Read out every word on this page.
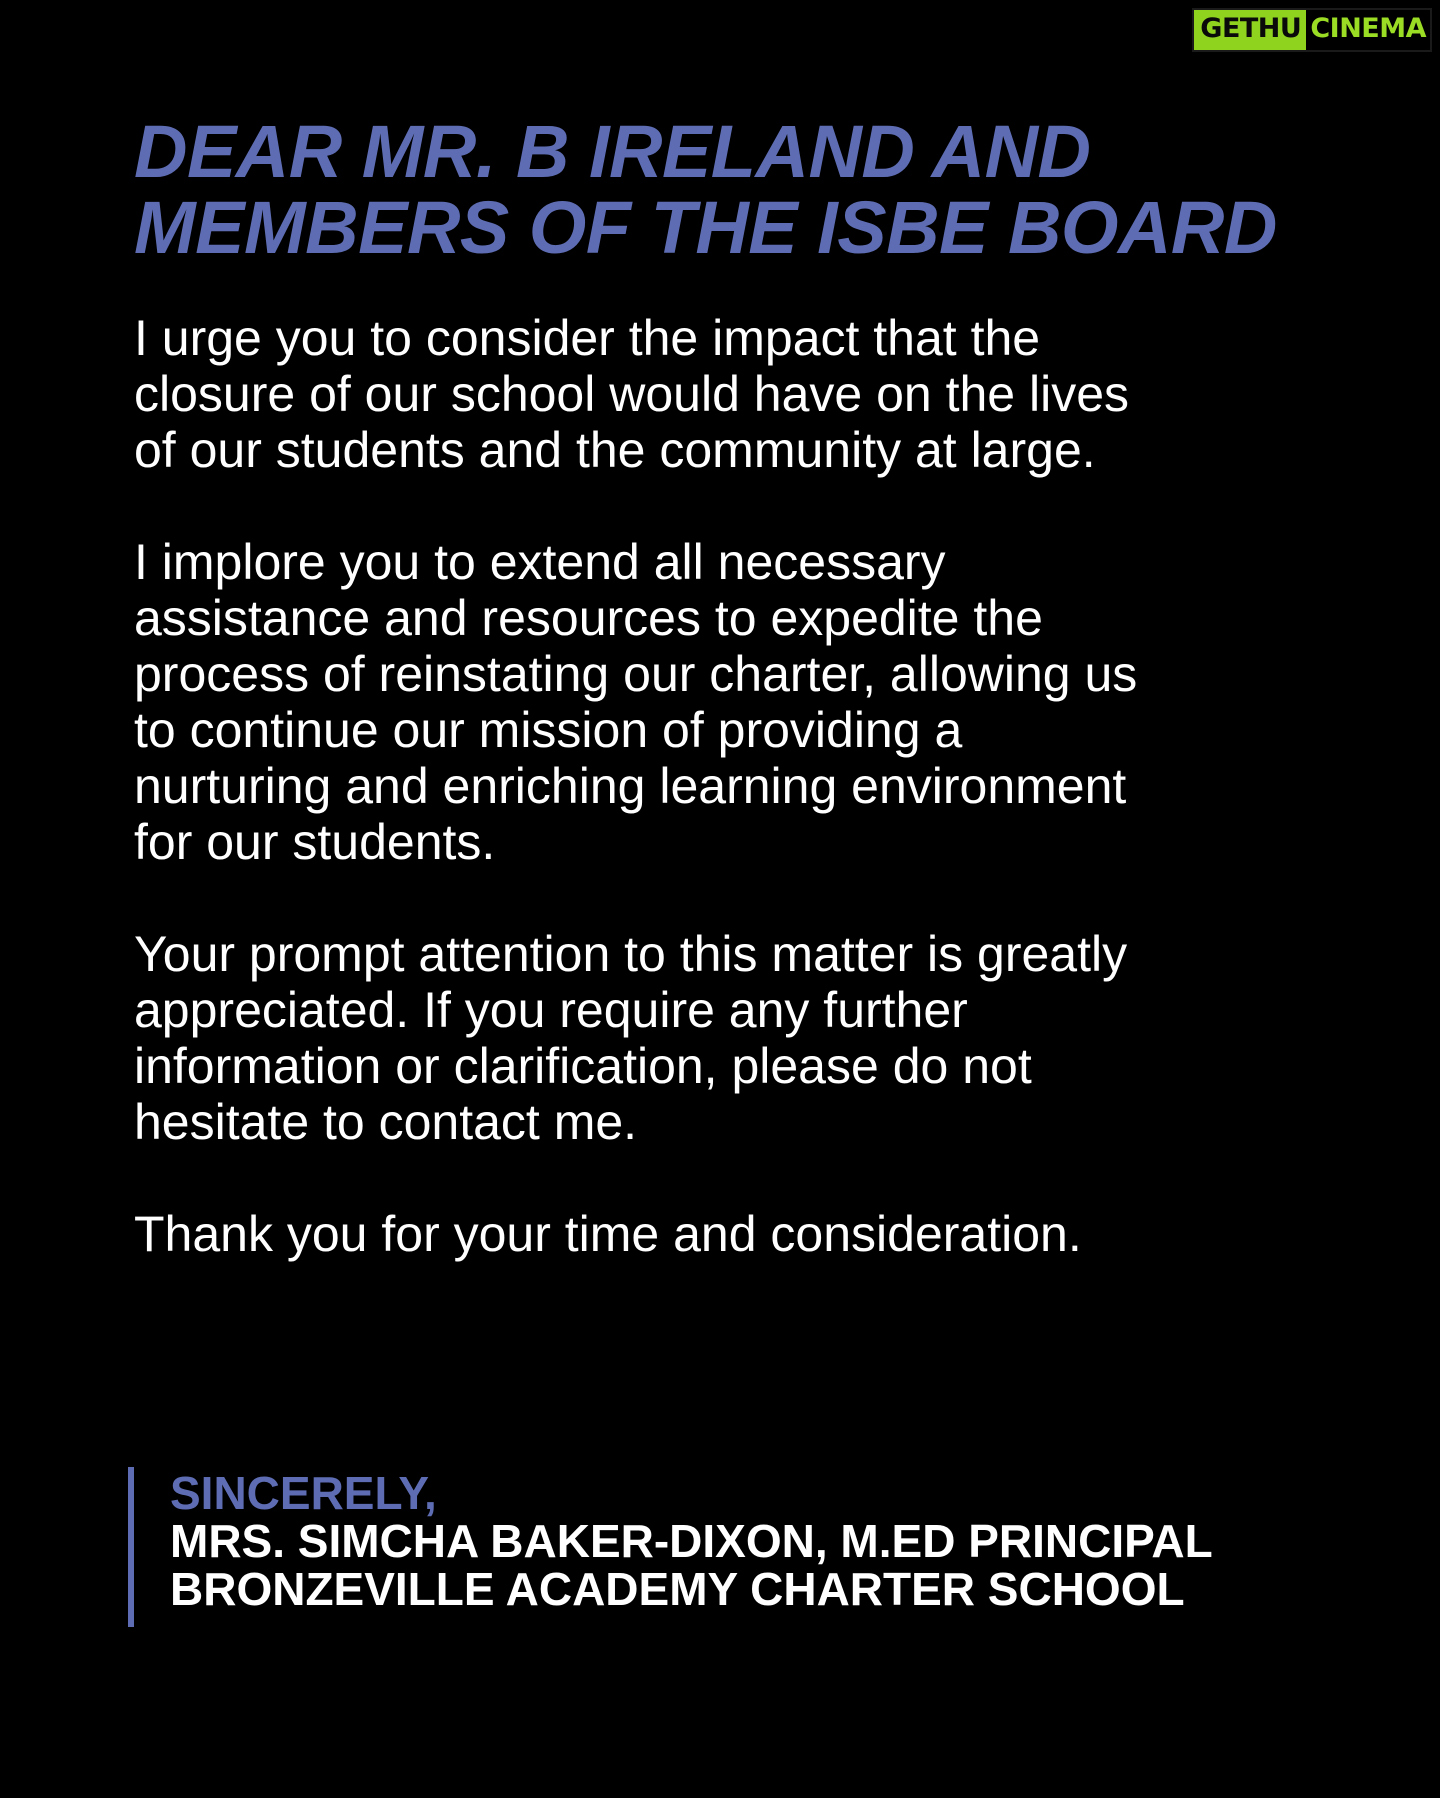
GETHU CINEMA
DEAR MR. B IRELAND AND
MEMBERS OF THE ISBE BOARD

I urge you to consider the impact that the
closure of our school would have on the lives
of our students and the community at large.

I implore you to extend all necessary
assistance and resources to expedite the
process of reinstating our charter, allowing us
to continue our mission of providing a
nurturing and enriching learning environment
for our students.

Your prompt attention to this matter is greatly
appreciated. If you require any further
information or clarification, please do not
hesitate to contact me.

Thank you for your time and consideration.

SINCERELY,
MRS. SIMCHA BAKER-DIXON, M.ED PRINCIPAL
BRONZEVILLE ACADEMY CHARTER SCHOOL
